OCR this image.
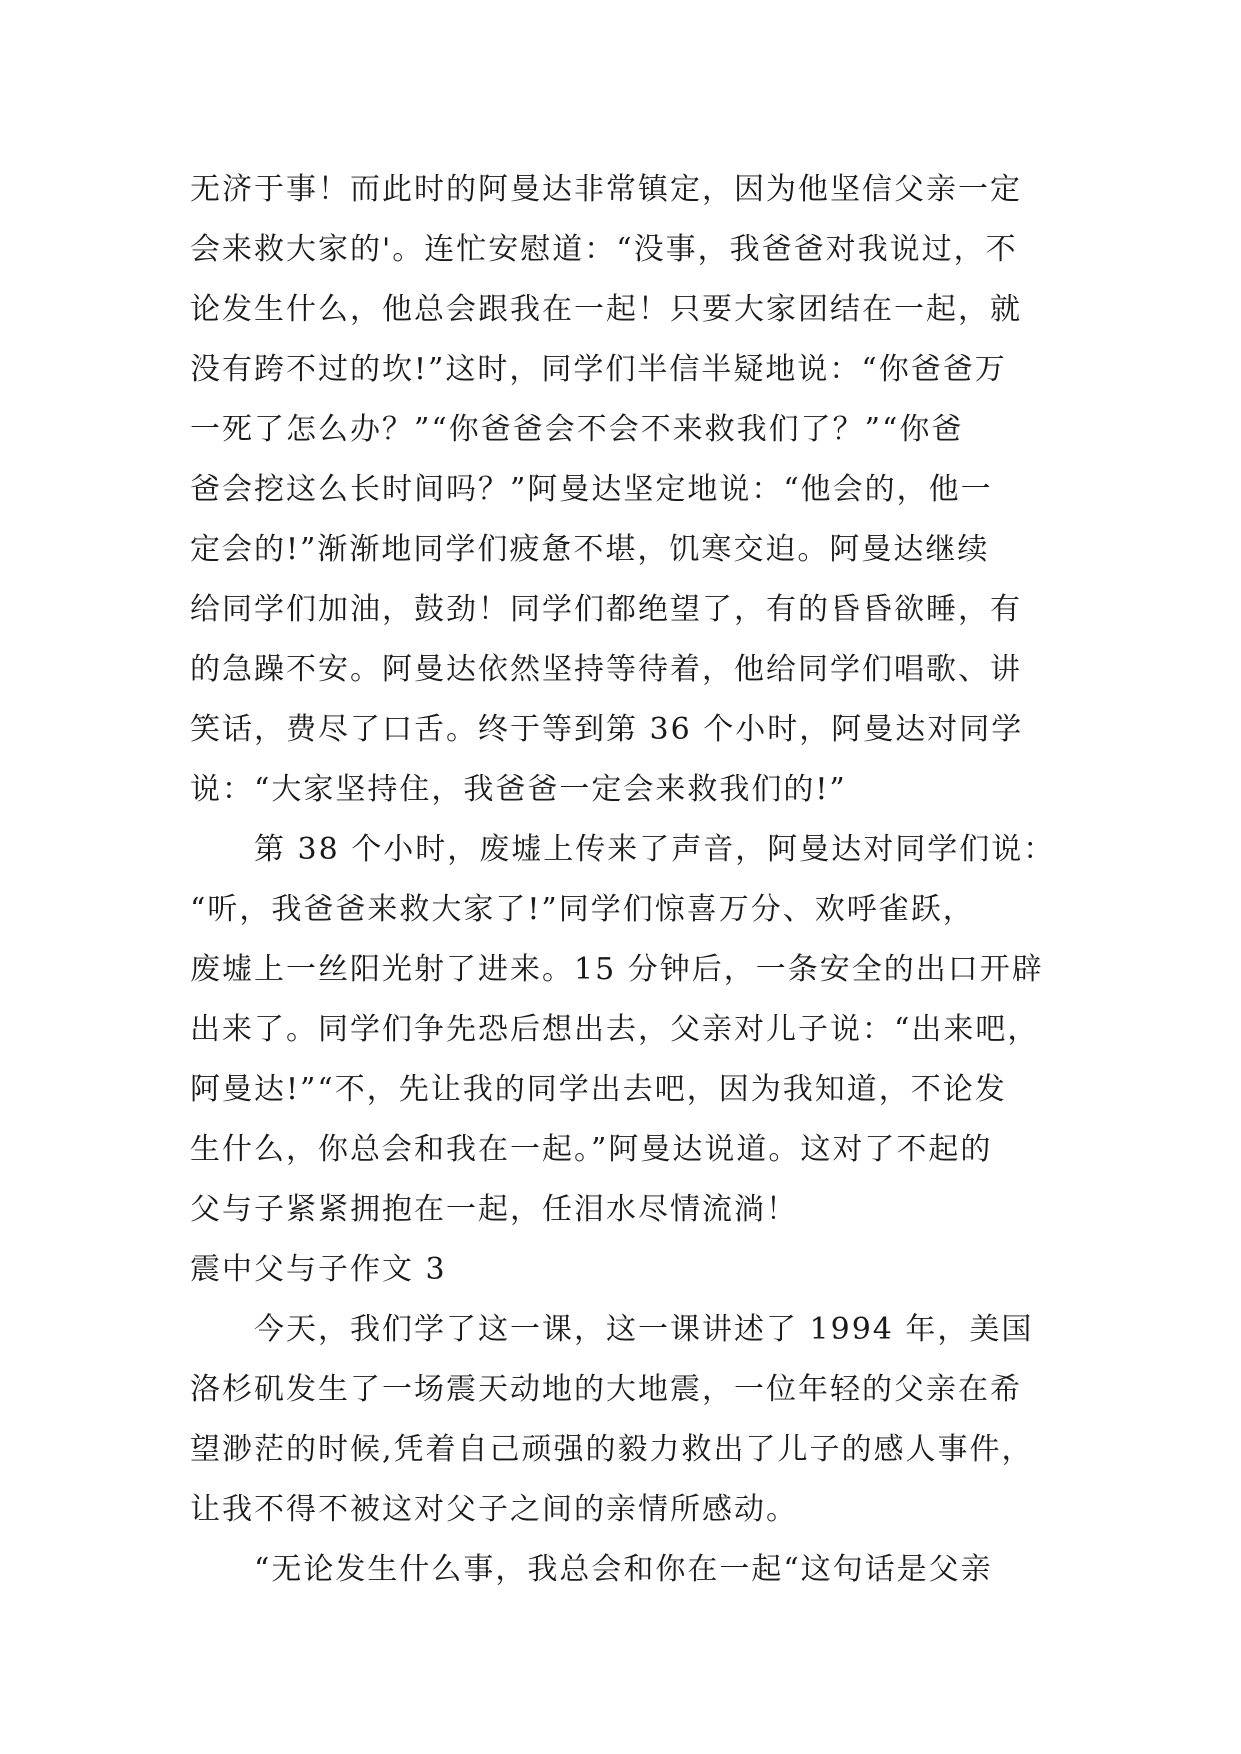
无济于事！而此时的阿曼达非常镇定，因为他坚信父亲一定
会来救大家的'。连忙安慰道：“没事，我爸爸对我说过，不
论发生什么，他总会跟我在一起！只要大家团结在一起，就
没有跨不过的坎!”这时，同学们半信半疑地说：“你爸爸万
一死了怎么办？”“你爸爸会不会不来救我们了？”“你爸
爸会挖这么长时间吗？”阿曼达坚定地说：“他会的，他一
定会的!”渐渐地同学们疲惫不堪，饥寒交迫。阿曼达继续
给同学们加油，鼓劲！同学们都绝望了，有的昏昏欲睡，有
的急躁不安。阿曼达依然坚持等待着，他给同学们唱歌、讲
笑话，费尽了口舌。终于等到第 36 个小时，阿曼达对同学
说：“大家坚持住，我爸爸一定会来救我们的!”
　　第 38 个小时，废墟上传来了声音，阿曼达对同学们说：
“听，我爸爸来救大家了!”同学们惊喜万分、欢呼雀跃，
废墟上一丝阳光射了进来。15 分钟后，一条安全的出口开辟
出来了。同学们争先恐后想出去，父亲对儿子说：“出来吧，
阿曼达!”“不，先让我的同学出去吧，因为我知道，不论发
生什么，你总会和我在一起。”阿曼达说道。这对了不起的
父与子紧紧拥抱在一起，任泪水尽情流淌！
震中父与子作文 3
　　今天，我们学了这一课，这一课讲述了 1994 年，美国
洛杉矶发生了一场震天动地的大地震，一位年轻的父亲在希
望渺茫的时候,凭着自己顽强的毅力救出了儿子的感人事件，
让我不得不被这对父子之间的亲情所感动。
　　“无论发生什么事，我总会和你在一起“这句话是父亲
